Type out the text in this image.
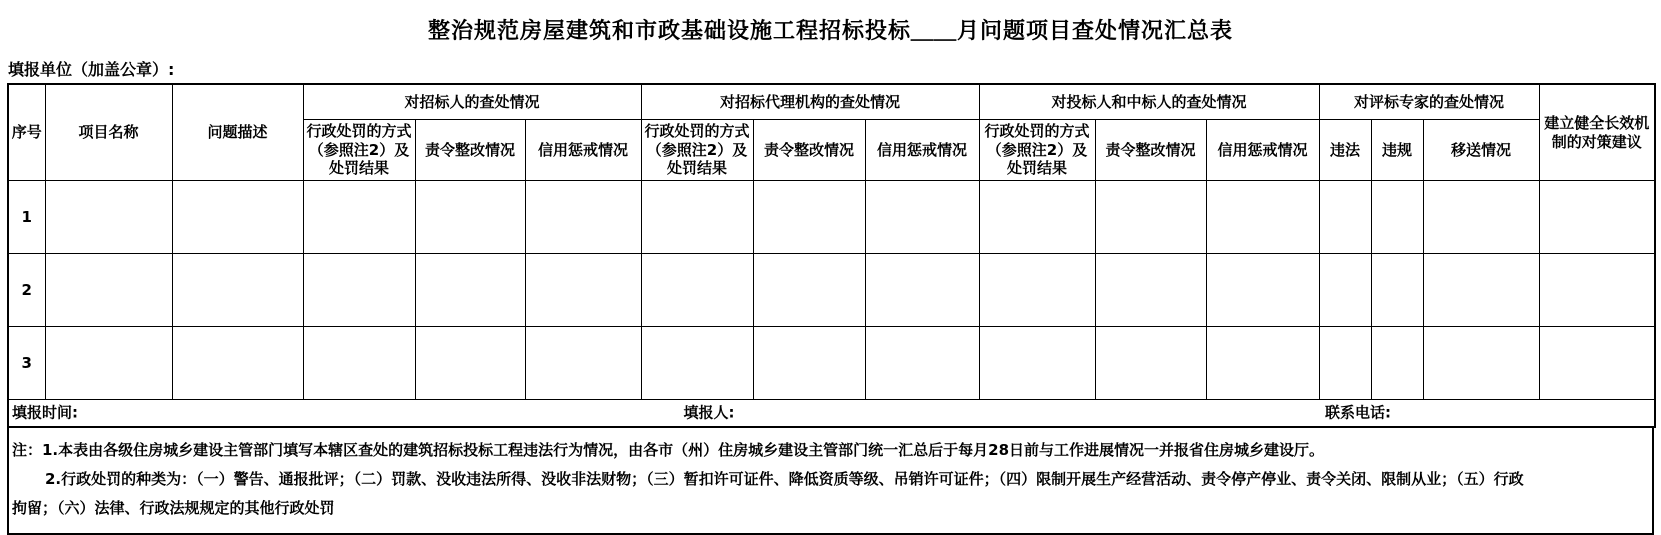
整治规范房屋建筑和市政基础设施工程招标投标＿＿月问题项目查处情况汇总表
填报单位（加盖公章）:
序号	项目名称	问题描述	对招标人的查处情况			对招标代理机构的查处情况			对投标人和中标人的查处情况			对评标专家的查处情况			建立健全长效机制的对策建议
			行政处罚的方式（参照注2）及处罚结果	责令整改情况	信用惩戒情况	行政处罚的方式（参照注2）及处罚结果	责令整改情况	信用惩戒情况	行政处罚的方式（参照注2）及处罚结果	责令整改情况	信用惩戒情况	违法	违规	移送情况	
1															
2															
3															

填报时间: 填报人: 联系电话:															
注：1.本表由各级住房城乡建设主管部门填写本辖区查处的建筑招标投标工程违法行为情况，由各市（州）住房城乡建设主管部门统一汇总后于每月28日前与工作进展情况一并报省住房城乡建设厅。
2.行政处罚的种类为：（一）警告、通报批评；（二）罚款、没收违法所得、没收非法财物；（三）暂扣许可证件、降低资质等级、吊销许可证件；（四）限制开展生产经营活动、责令停产停业、责令关闭、限制从业；（五）行政
拘留；（六）法律、行政法规规定的其他行政处罚
